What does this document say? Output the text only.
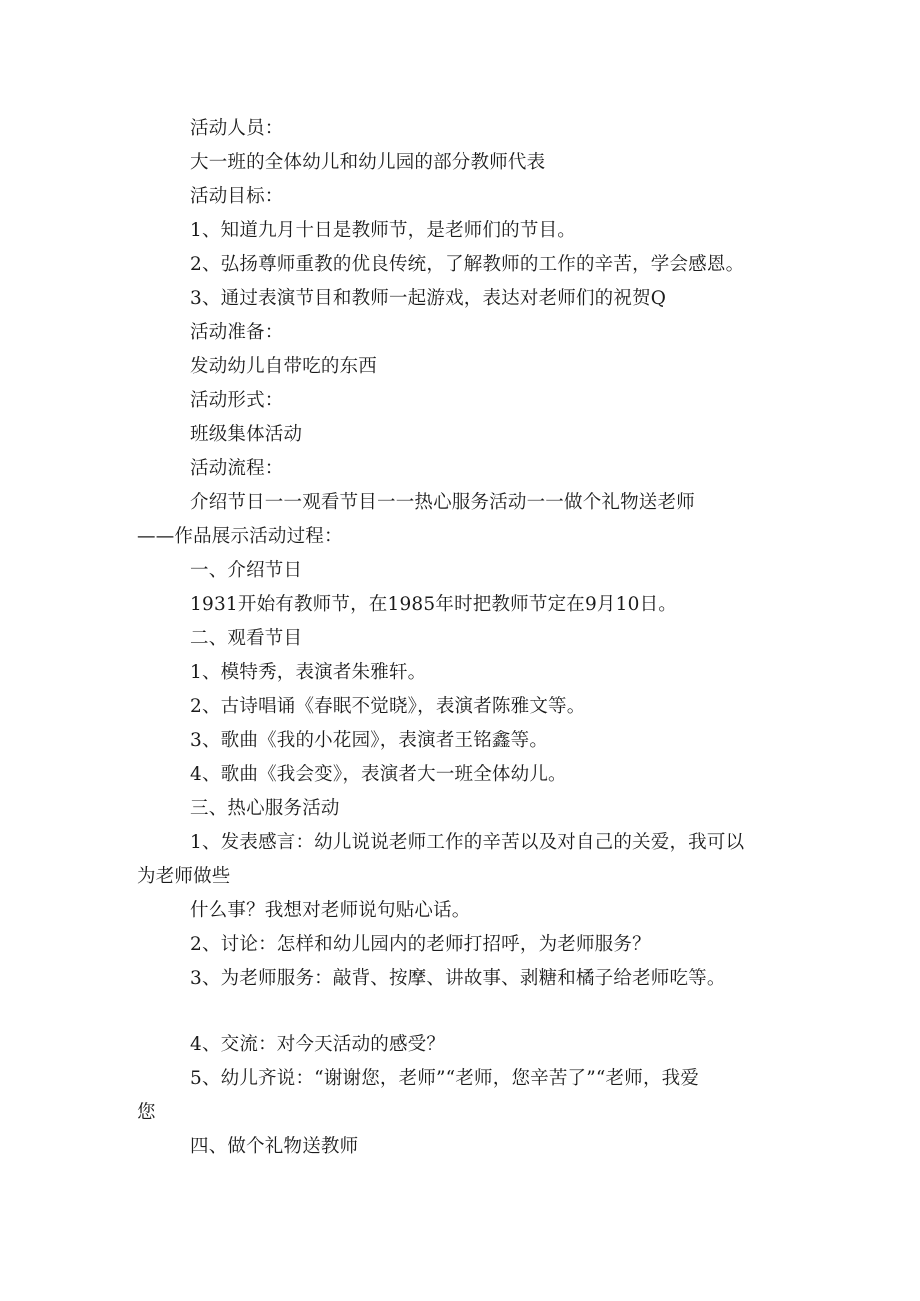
活动人员：
大一班的全体幼儿和幼儿园的部分教师代表
活动目标：
1、知道九月十日是教师节，是老师们的节目。
2、弘扬尊师重教的优良传统，了解教师的工作的辛苦，学会感恩。
3、通过表演节目和教师一起游戏，表达对老师们的祝贺Q
活动准备：
发动幼儿自带吃的东西
活动形式：
班级集体活动
活动流程：
介绍节日一一观看节目一一热心服务活动一一做个礼物送老师
——作品展示活动过程：
一、介绍节日
1931开始有教师节，在1985年时把教师节定在9月10日。
二、观看节目
1、模特秀，表演者朱雅轩。
2、古诗唱诵《春眠不觉晓》，表演者陈雅文等。
3、歌曲《我的小花园》，表演者王铭鑫等。
4、歌曲《我会变》，表演者大一班全体幼儿。
三、热心服务活动
1、发表感言：幼儿说说老师工作的辛苦以及对自己的关爱，我可以
为老师做些
什么事？我想对老师说句贴心话。
2、讨论：怎样和幼儿园内的老师打招呼，为老师服务？
3、为老师服务：敲背、按摩、讲故事、剥糖和橘子给老师吃等。
4、交流：对今天活动的感受？
5、幼儿齐说：“谢谢您，老师”“老师，您辛苦了”“老师，我爱
您
四、做个礼物送教师
